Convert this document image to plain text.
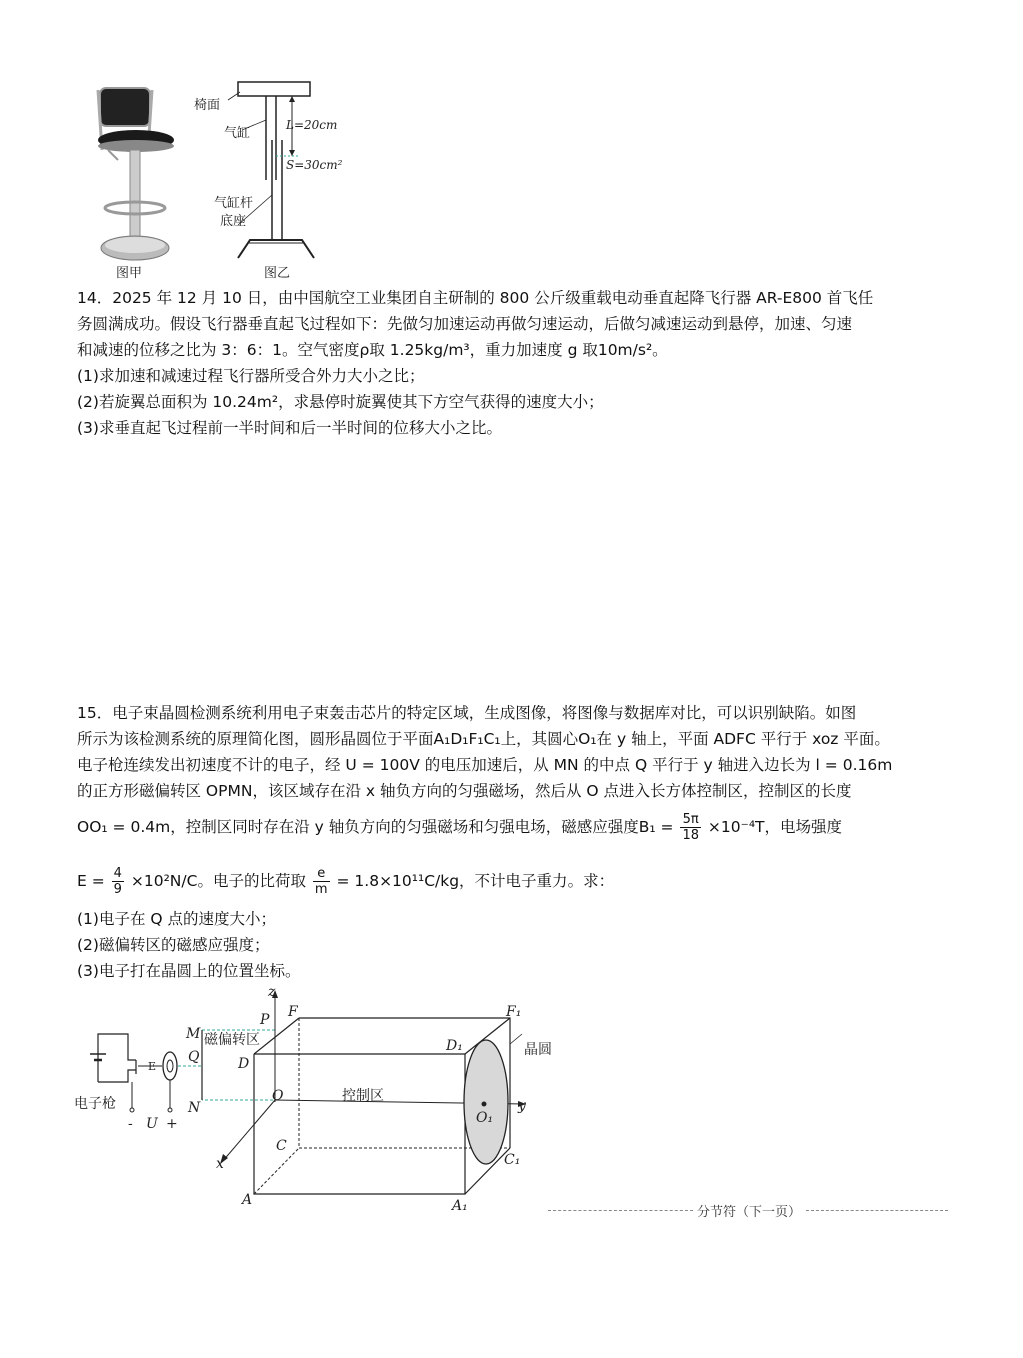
图甲
椅面
气缸
L=20cm
S=30cm²
气缸杆
底座
图乙
14．2025 年 12 月 10 日，由中国航空工业集团自主研制的 800 公斤级重载电动垂直起降飞行器 AR-E800 首飞任
务圆满成功。假设飞行器垂直起飞过程如下：先做匀加速运动再做匀速运动，后做匀减速运动到悬停，加速、匀速
和减速的位移之比为 3：6：1。空气密度ρ取 1.25kg/m³，重力加速度 g 取10m/s²。
(1)求加速和减速过程飞行器所受合外力大小之比；
(2)若旋翼总面积为 10.24m²，求悬停时旋翼使其下方空气获得的速度大小；
(3)求垂直起飞过程前一半时间和后一半时间的位移大小之比。
15．电子束晶圆检测系统利用电子束轰击芯片的特定区域，生成图像，将图像与数据库对比，可以识别缺陷。如图
所示为该检测系统的原理简化图，圆形晶圆位于平面A₁D₁F₁C₁上，其圆心O₁在 y 轴上，平面 ADFC 平行于 xoz 平面。
电子枪连续发出初速度不计的电子，经 U = 100V 的电压加速后，从 MN 的中点 Q 平行于 y 轴进入边长为 l = 0.16m
的正方形磁偏转区 OPMN，该区域存在沿 x 轴负方向的匀强磁场，然后从 O 点进入长方体控制区，控制区的长度
OO₁ = 0.4m，控制区同时存在沿 y 轴负方向的匀强磁场和匀强电场，磁感应强度$B_1 = \frac{5\pi}{18} \times 10^{-4}T$，电场强度
$E = \frac{4}{9} \times 10^2N/C$。电子的比荷取 $\frac{e}{m} = 1.8\times 10^{11}C/kg$，不计电子重力。求：
(1)电子在 Q 点的速度大小；
(2)磁偏转区的磁感应强度；
(3)电子打在晶圆上的位置坐标。
电子枪
- U +
E
M
Q
N
P F
D
O
C
A
x
z
y
F₁
D₁
C₁
A₁
O₁
磁偏转区
控制区
晶圆
分节符（下一页）
